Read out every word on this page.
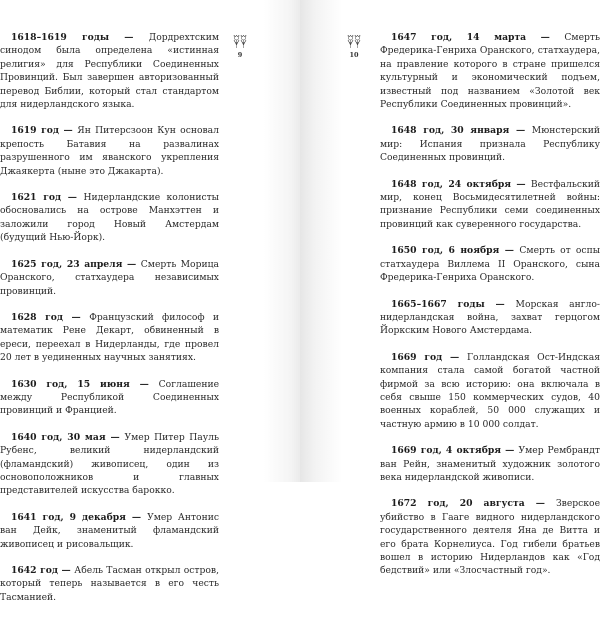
1618–1619 годы — Дордрехтским синодом была определена «истинная религия» для Республики Соединенных Провинций. Был завершен авторизованный перевод Библии, который стал стандартом для нидерландского языка.

1619 год — Ян Питерсзоон Кун основал крепость Батавия на развалинах разрушенного им яванского укрепления Джаякерта (ныне это Джакарта).

1621 год — Нидерландские колонисты обосновались на острове Манхэттен и заложили город Новый Амстердам (будущий Нью-Йорк).

1625 год, 23 апреля — Смерть Морица Оранского, статхаудера независимых провинций.

1628 год — Французский философ и математик Рене Декарт, обвиненный в ереси, переехал в Нидерланды, где провел 20 лет в уединенных научных занятиях.

1630 год, 15 июня — Соглашение между Республикой Соединенных провинций и Францией.

1640 год, 30 мая — Умер Питер Пауль Рубенс, великий нидерландский (фламандский) живописец, один из основоположников и главных представителей искусства барокко.

1641 год, 9 декабря — Умер Антонис ван Дейк, знаменитый фламандский живописец и рисовальщик.

1642 год — Абель Тасман открыл остров, который теперь называется в его честь Тасманией.

9	10

1647 год, 14 марта — Смерть Фредерика-Генриха Оранского, статхаудера, на правление которого в стране пришелся культурный и экономический подъем, известный под названием «Золотой век Республики Соединенных провинций».

1648 год, 30 января — Мюнстерский мир: Испания признала Республику Соединенных провинций.

1648 год, 24 октября — Вестфальский мир, конец Восьмидесятилетней войны: признание Республики семи соединенных провинций как суверенного государства.

1650 год, 6 ноября — Смерть от оспы статхаудера Виллема II Оранского, сына Фредерика-Генриха Оранского.

1665–1667 годы — Морская англо-нидерландская война, захват герцогом Йоркским Нового Амстердама.

1669 год — Голландская Ост-Индская компания стала самой богатой частной фирмой за всю историю: она включала в себя свыше 150 коммерческих судов, 40 военных кораблей, 50 000 служащих и частную армию в 10 000 солдат.

1669 год, 4 октября — Умер Рембрандт ван Рейн, знаменитый художник золотого века нидерландской живописи.

1672 год, 20 августа — Зверское убийство в Гааге видного нидерландского государственного деятеля Яна де Витта и его брата Корнелиуса. Год гибели братьев вошел в историю Нидерландов как «Год бедствий» или «Злосчастный год».
